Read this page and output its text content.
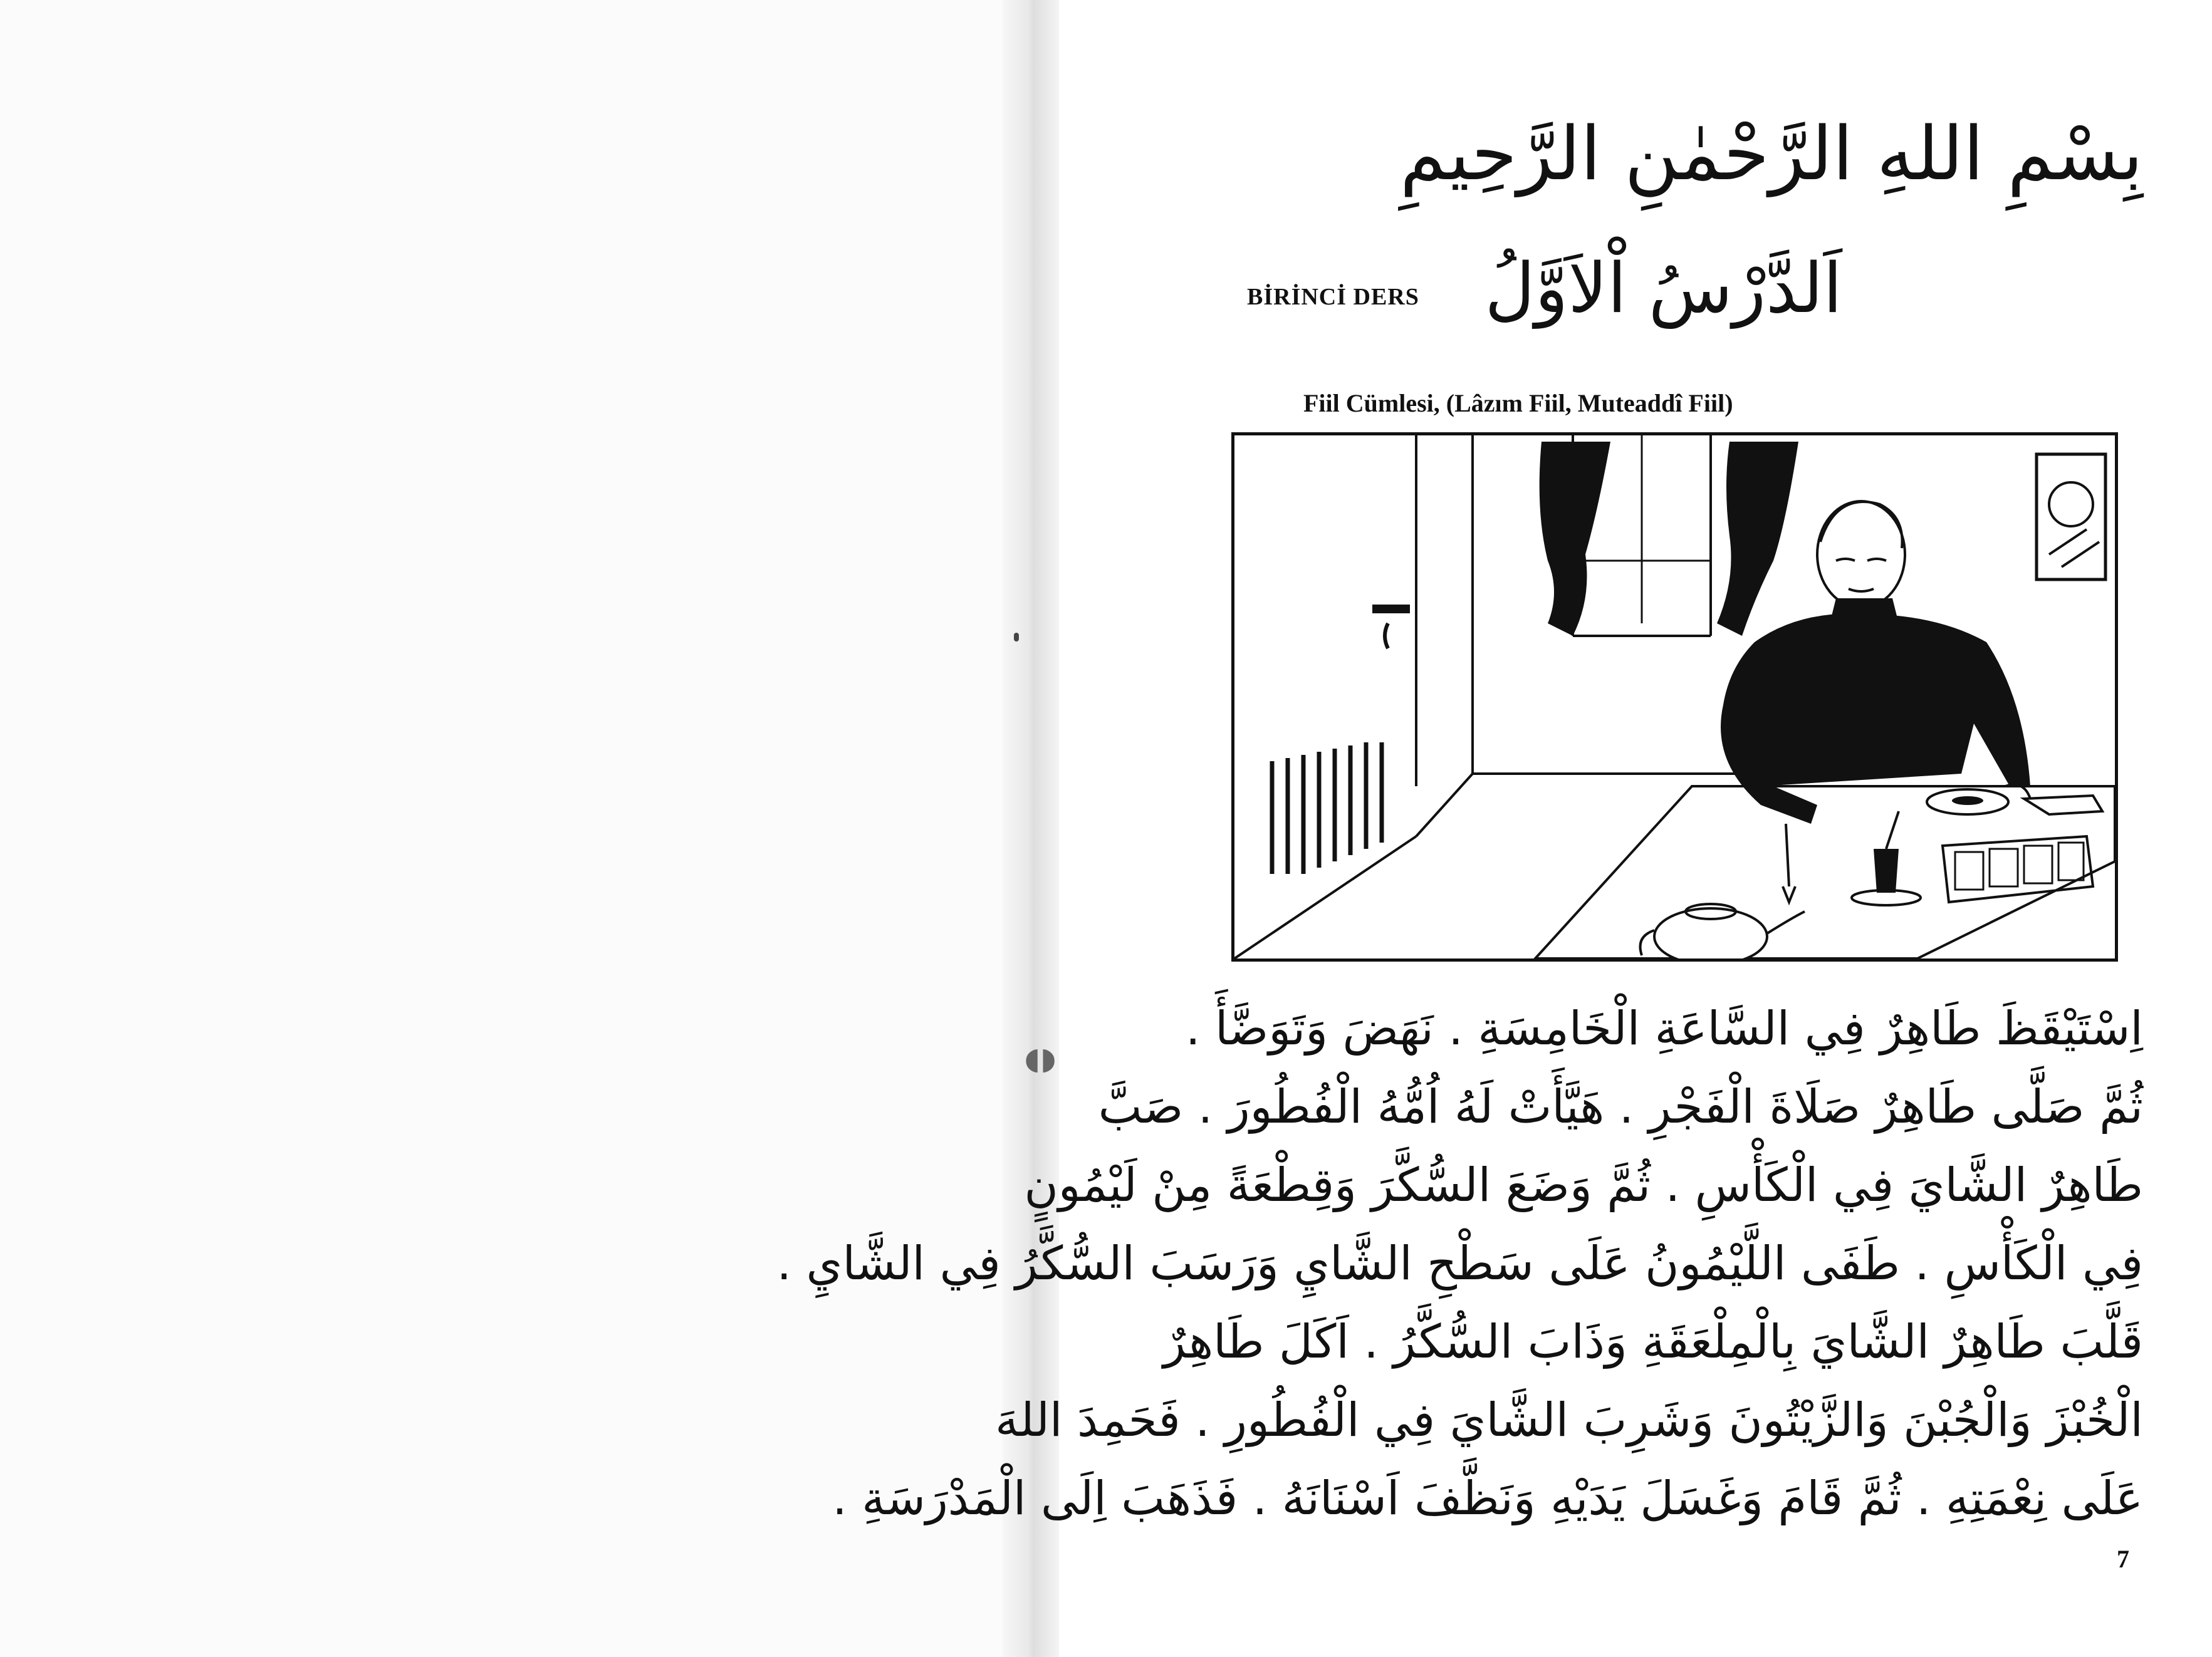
◖◗
بِسْمِ اللهِ الرَّحْمٰنِ الرَّحِيمِ
BİRİNCİ DERS اَلدَّرْسُ اْلاَوَّلُ
Fiil Cümlesi, (Lâzım Fiil, Muteaddî Fiil)
اِسْتَيْقَظَ طَاهِرٌ فِي السَّاعَةِ الْخَامِسَةِ . نَهَضَ وَتَوَضَّأَ .
ثُمَّ صَلَّى طَاهِرٌ صَلَاةَ الْفَجْرِ . هَيَّأَتْ لَهُ اُمُّهُ الْفُطُورَ . صَبَّ
طَاهِرٌ الشَّايَ فِي الْكَأْسِ . ثُمَّ وَضَعَ السُّكَّرَ وَقِطْعَةً مِنْ لَيْمُونٍ
فِي الْكَأْسِ . طَفَى اللَّيْمُونُ عَلَى سَطْحِ الشَّايِ وَرَسَبَ السُّكَّرُ فِي الشَّايِ .
قَلَّبَ طَاهِرٌ الشَّايَ بِالْمِلْعَقَةِ وَذَابَ السُّكَّرُ . اَكَلَ طَاهِرٌ
الْخُبْزَ وَالْجُبْنَ وَالزَّيْتُونَ وَشَرِبَ الشَّايَ فِي الْفُطُورِ . فَحَمِدَ اللهَ
عَلَى نِعْمَتِهِ . ثُمَّ قَامَ وَغَسَلَ يَدَيْهِ وَنَظَّفَ اَسْنَانَهُ . فَذَهَبَ اِلَى الْمَدْرَسَةِ .
7
